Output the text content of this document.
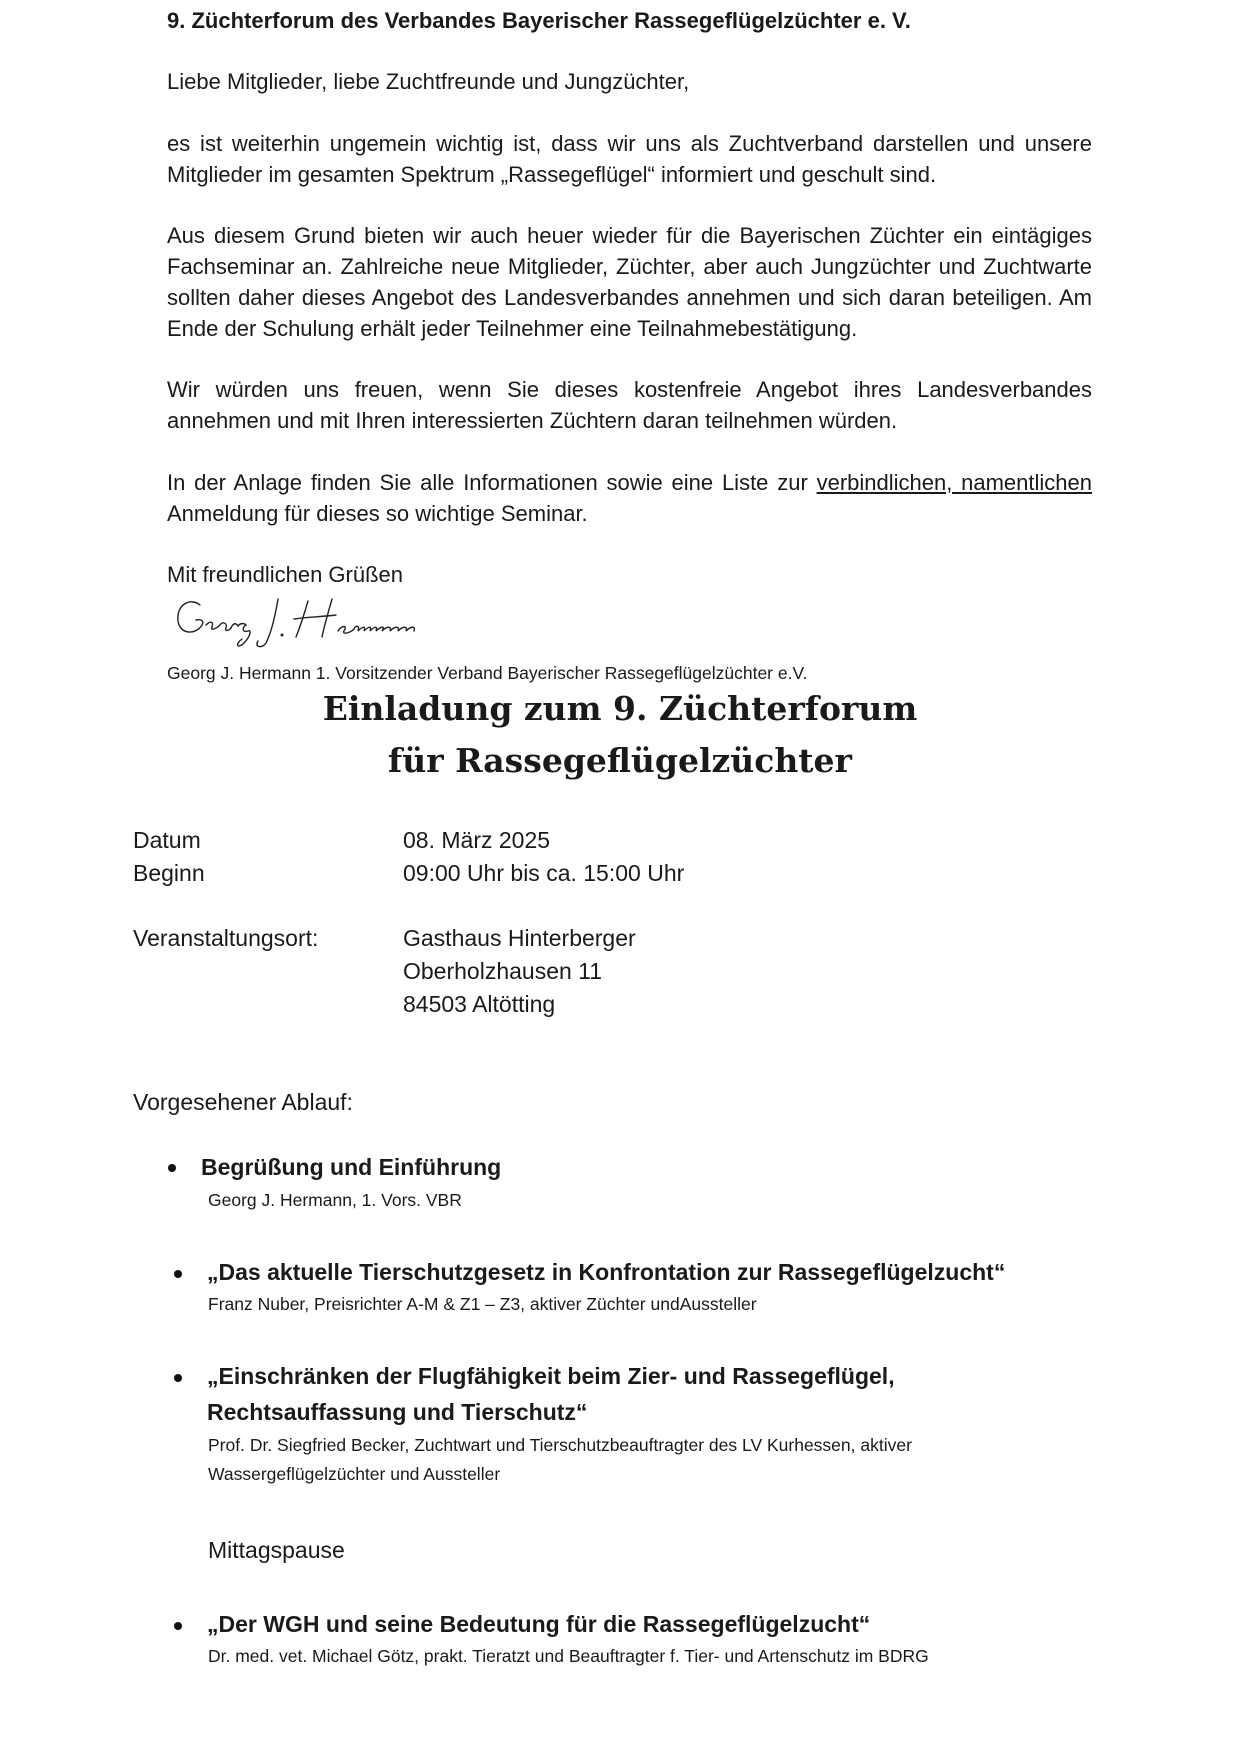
9. Züchterforum des Verbandes Bayerischer Rassegeflügelzüchter e. V.
Liebe Mitglieder, liebe Zuchtfreunde und Jungzüchter,
es ist weiterhin ungemein wichtig ist, dass wir uns als Zuchtverband darstellen und unsere Mitglieder im gesamten Spektrum „Rassegeflügel“ informiert und geschult sind.
Aus diesem Grund bieten wir auch heuer wieder für die Bayerischen Züchter ein eintägiges Fachseminar an. Zahlreiche neue Mitglieder, Züchter, aber auch Jungzüchter und Zuchtwarte sollten daher dieses Angebot des Landesverbandes annehmen und sich daran beteiligen. Am Ende der Schulung erhält jeder Teilnehmer eine Teilnahmebestätigung.
Wir würden uns freuen, wenn Sie dieses kostenfreie Angebot ihres Landesverbandes annehmen und mit Ihren interessierten Züchtern daran teilnehmen würden.
In der Anlage finden Sie alle Informationen sowie eine Liste zur verbindlichen, namentlichen Anmeldung für dieses so wichtige Seminar.
Mit freundlichen Grüßen
Georg J. Hermann 1. Vorsitzender Verband Bayerischer Rassegeflügelzüchter e.V.
Einladung zum 9. Züchterforum
für Rassegeflügelzüchter
Datum	08. März 2025
Beginn	09:00 Uhr bis ca. 15:00 Uhr
Veranstaltungsort:	Gasthaus Hinterberger
Oberholzhausen 11
84503 Altötting
Vorgesehener Ablauf:
Begrüßung und Einführung
Georg J. Hermann, 1. Vors. VBR
„Das aktuelle Tierschutzgesetz in Konfrontation zur Rassegeflügelzucht“
Franz Nuber, Preisrichter A-M & Z1 – Z3, aktiver Züchter undAussteller
„Einschränken der Flugfähigkeit beim Zier- und Rassegeflügel, Rechtsauffassung und Tierschutz“
Prof. Dr. Siegfried Becker, Zuchtwart und Tierschutzbeauftragter des LV Kurhessen, aktiver Wassergeflügelzüchter und Aussteller
Mittagspause
„Der WGH und seine Bedeutung für die Rassegeflügelzucht“
Dr. med. vet. Michael Götz, prakt. Tieratzt und Beauftragter f. Tier- und Artenschutz im BDRG
